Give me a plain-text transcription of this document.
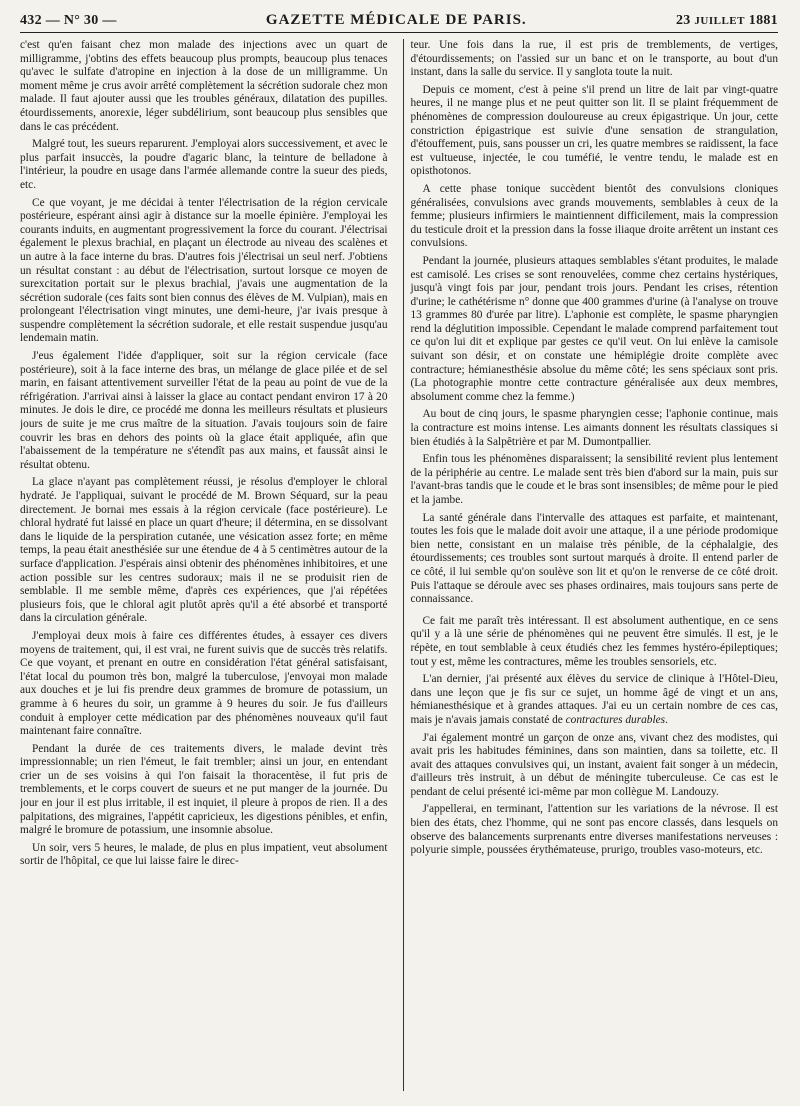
432 — N° 30 —	GAZETTE MÉDICALE DE PARIS.	23 JUILLET 1881

c'est qu'en faisant chez mon malade des injections avec un quart de milligramme, j'obtins des effets beaucoup plus prompts, beaucoup plus tenaces qu'avec le sulfate d'atropine en injection à la dose de un milligramme. Un moment même je crus avoir arrêté complètement la sécrétion sudorale chez mon malade. Il faut ajouter aussi que les troubles généraux, dilatation des pupilles. étourdissements, anorexie, léger subdélirium, sont beaucoup plus sensibles que dans le cas précédent.

Malgré tout, les sueurs reparurent. J'employai alors successivement, et avec le plus parfait insuccès, la poudre d'agaric blanc, la teinture de belladone à l'intérieur, la poudre en usage dans l'armée allemande contre la sueur des pieds, etc.

Ce que voyant, je me décidai à tenter l'électrisation de la région cervicale postérieure, espérant ainsi agir à distance sur la moelle épinière. J'employai les courants induits, en augmentant progressivement la force du courant. J'électrisai également le plexus brachial, en plaçant un électrode au niveau des scalènes et un autre à la face interne du bras. D'autres fois j'électrisai un seul nerf. J'obtiens un résultat constant : au début de l'électrisation, surtout lorsque ce moyen de surexcitation portait sur le plexus brachial, j'avais une augmentation de la sécrétion sudorale (ces faits sont bien connus des élèves de M. Vulpian), mais en prolongeant l'électrisation vingt minutes, une demi-heure, j'ar ivais presque à suspendre complètement la sécrétion sudorale, et elle restait suspendue jusqu'au lendemain matin.

J'eus également l'idée d'appliquer, soit sur la région cervicale (face postérieure), soit à la face interne des bras, un mélange de glace pilée et de sel marin, en faisant attentivement surveiller l'état de la peau au point de vue de la réfrigération. J'arrivai ainsi à laisser la glace au contact pendant environ 17 à 20 minutes. Je dois le dire, ce procédé me donna les meilleurs résultats et plusieurs jours de suite je me crus maître de la situation. J'avais toujours soin de faire couvrir les bras en dehors des points où la glace était appliquée, afin que l'abaissement de la température ne s'étendît pas aux mains, et faussât ainsi le résultat obtenu.

La glace n'ayant pas complètement réussi, je résolus d'employer le chloral hydraté. Je l'appliquai, suivant le procédé de M. Brown Séquard, sur la peau directement. Je bornai mes essais à la région cervicale (face postérieure). Le chloral hydraté fut laissé en place un quart d'heure; il détermina, en se dissolvant dans le liquide de la perspiration cutanée, une vésication assez forte; en même temps, la peau était anesthésiée sur une étendue de 4 à 5 centimètres autour de la surface d'application. J'espérais ainsi obtenir des phénomènes inhibitoires, et une action possible sur les centres sudoraux; mais il ne se produisit rien de semblable. Il me semble même, d'après ces expériences, que j'ai répétées plusieurs fois, que le chloral agit plutôt après qu'il a été absorbé et transporté dans la circulation générale.

J'employai deux mois à faire ces différentes études, à essayer ces divers moyens de traitement, qui, il est vrai, ne furent suivis que de succès très relatifs. Ce que voyant, et prenant en outre en considération l'état général satisfaisant, l'état local du poumon très bon, malgré la tuberculose, j'envoyai mon malade aux douches et je lui fis prendre deux grammes de bromure de potassium, un gramme à 6 heures du soir, un gramme à 9 heures du soir. Je fus d'ailleurs conduit à employer cette médication par des phénomènes nouveaux qu'il faut maintenant faire connaître.

Pendant la durée de ces traitements divers, le malade devint très impressionnable; un rien l'émeut, le fait trembler; ainsi un jour, en entendant crier un de ses voisins à qui l'on faisait la thoracentèse, il fut pris de tremblements, et le corps couvert de sueurs et ne put manger de la journée. Du jour en jour il est plus irritable, il est inquiet, il pleure à propos de rien. Il a des palpitations, des migraines, l'appétit capricieux, les digestions pénibles, et enfin, malgré le bromure de potassium, une insomnie absolue.

Un soir, vers 5 heures, le malade, de plus en plus impatient, veut absolument sortir de l'hôpital, ce que lui laisse faire le direc-

teur. Une fois dans la rue, il est pris de tremblements, de vertiges, d'étourdissements; on l'assied sur un banc et on le transporte, au bout d'un instant, dans la salle du service. Il y sanglota toute la nuit.

Depuis ce moment, c'est à peine s'il prend un litre de lait par vingt-quatre heures, il ne mange plus et ne peut quitter son lit. Il se plaint fréquemment de phénomènes de compression douloureuse au creux épigastrique. Un jour, cette constriction épigastrique est suivie d'une sensation de strangulation, d'étouffement, puis, sans pousser un cri, les quatre membres se raidissent, la face est vultueuse, injectée, le cou tuméfié, le ventre tendu, le malade est en opisthotonos.

A cette phase tonique succèdent bientôt des convulsions cloniques généralisées, convulsions avec grands mouvements, semblables à ceux de la femme; plusieurs infirmiers le maintiennent difficilement, mais la compression du testicule droit et la pression dans la fosse iliaque droite arrêtent un instant ces convulsions.

Pendant la journée, plusieurs attaques semblables s'étant produites, le malade est camisolé. Les crises se sont renouvelées, comme chez certains hystériques, jusqu'à vingt fois par jour, pendant trois jours. Pendant les crises, rétention d'urine; le cathétérisme n° donne que 400 grammes d'urine (à l'analyse on trouve 13 grammes 80 d'urée par litre). L'aphonie est complète, le spasme pharyngien rend la déglutition impossible. Cependant le malade comprend parfaitement tout ce qu'on lui dit et explique par gestes ce qu'il veut. On lui enlève la camisole suivant son désir, et on constate une hémiplégie droite complète avec contracture; hémianesthésie absolue du même côté; les sens spéciaux sont pris. (La photographie montre cette contracture généralisée aux deux membres, absolument comme chez la femme.)

Au bout de cinq jours, le spasme pharyngien cesse; l'aphonie continue, mais la contracture est moins intense. Les aimants donnent les résultats classiques si bien étudiés à la Salpêtrière et par M. Dumontpallier.

Enfin tous les phénomènes disparaissent; la sensibilité revient plus lentement de la périphérie au centre. Le malade sent très bien d'abord sur la main, puis sur l'avant-bras tandis que le coude et le bras sont insensibles; de même pour le pied et la jambe.

La santé générale dans l'intervalle des attaques est parfaite, et maintenant, toutes les fois que le malade doit avoir une attaque, il a une période prodomique bien nette, consistant en un malaise très pénible, de la céphalalgie, des étourdissements; ces troubles sont surtout marqués à droite. Il entend parler de ce côté, il lui semble qu'on soulève son lit et qu'on le renverse de ce côté droit. Puis l'attaque se déroule avec ses phases ordinaires, mais toujours sans perte de connaissance.

Ce fait me paraît très intéressant. Il est absolument authentique, en ce sens qu'il y a là une série de phénomènes qui ne peuvent être simulés. Il est, je le répète, en tout semblable à ceux étudiés chez les femmes hystéro-épileptiques; tout y est, même les contractures, même les troubles sensoriels, etc.

L'an dernier, j'ai présenté aux élèves du service de clinique à l'Hôtel-Dieu, dans une leçon que je fis sur ce sujet, un homme âgé de vingt et un ans, hémianesthésique et à grandes attaques. J'ai eu un certain nombre de ces cas, mais je n'avais jamais constaté de contractures durables.

J'ai également montré un garçon de onze ans, vivant chez des modistes, qui avait pris les habitudes féminines, dans son maintien, dans sa toilette, etc. Il avait des attaques convulsives qui, un instant, avaient fait songer à un médecin, d'ailleurs très instruit, à un début de méningite tuberculeuse. Ce cas est le pendant de celui présenté ici-même par mon collègue M. Landouzy.

J'appellerai, en terminant, l'attention sur les variations de la névrose. Il est bien des états, chez l'homme, qui ne sont pas encore classés, dans lesquels on observe des balancements surprenants entre diverses manifestations nerveuses : polyurie simple, poussées érythémateuse, prurigo, troubles vaso-moteurs, etc.
